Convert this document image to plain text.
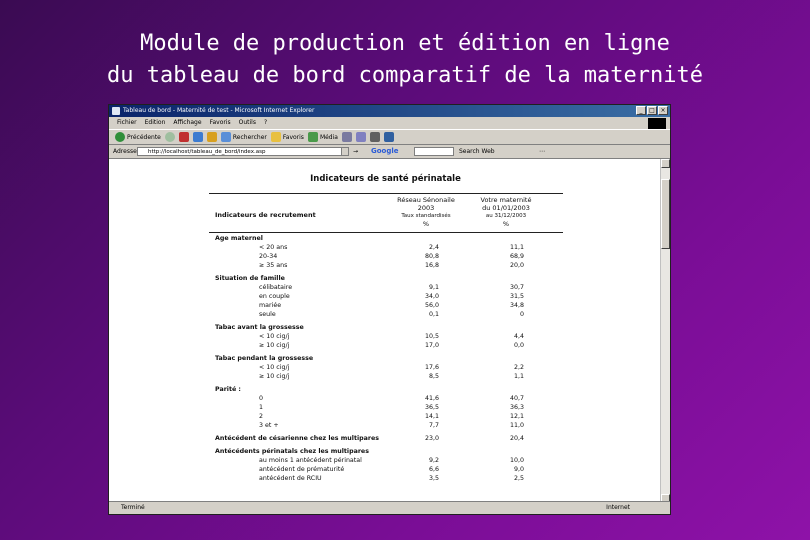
Module de production et édition en ligne
du tableau de bord comparatif de la maternité
Tableau de bord - Maternité de test - Microsoft Internet Explorer	_	□ ×
Fichier Edition Affichage Favoris Outils ?
Précédente	Rechercher	Favoris	Média
Adresse	http://localhost/tableau_de_bord/index.asp	→ Google	Search Web	⋯
Indicateurs de santé périnatale
Réseau Sénonaile
2003
Taux standardisés
%
Votre maternité
du 01/01/2003
au 31/12/2003
%
Indicateurs de recrutement
Age maternel
< 20 ans	2,4	11,1
20-34	80,8	68,9
≥ 35 ans	16,8	20,0
Situation de famille
célibataire	9,1	30,7
en couple	34,0	31,5
mariée	56,0	34,8
seule	0,1	0
Tabac avant la grossesse
< 10 cig/j	10,5	4,4
≥ 10 cig/j	17,0	0,0
Tabac pendant la grossesse
< 10 cig/j	17,6	2,2
≥ 10 cig/j	8,5	1,1
Parité :
0	41,6	40,7
1	36,5	36,3
2	14,1	12,1
3 et +	7,7	11,0
Antécédent de césarienne chez les multipares	23,0	20,4
Antécédents périnatals chez les multipares
au moins 1 antécédent périnatal	9,2	10,0
antécédent de prématurité	6,6	9,0
antécédent de RCIU	3,5	2,5
Terminé	Internet
